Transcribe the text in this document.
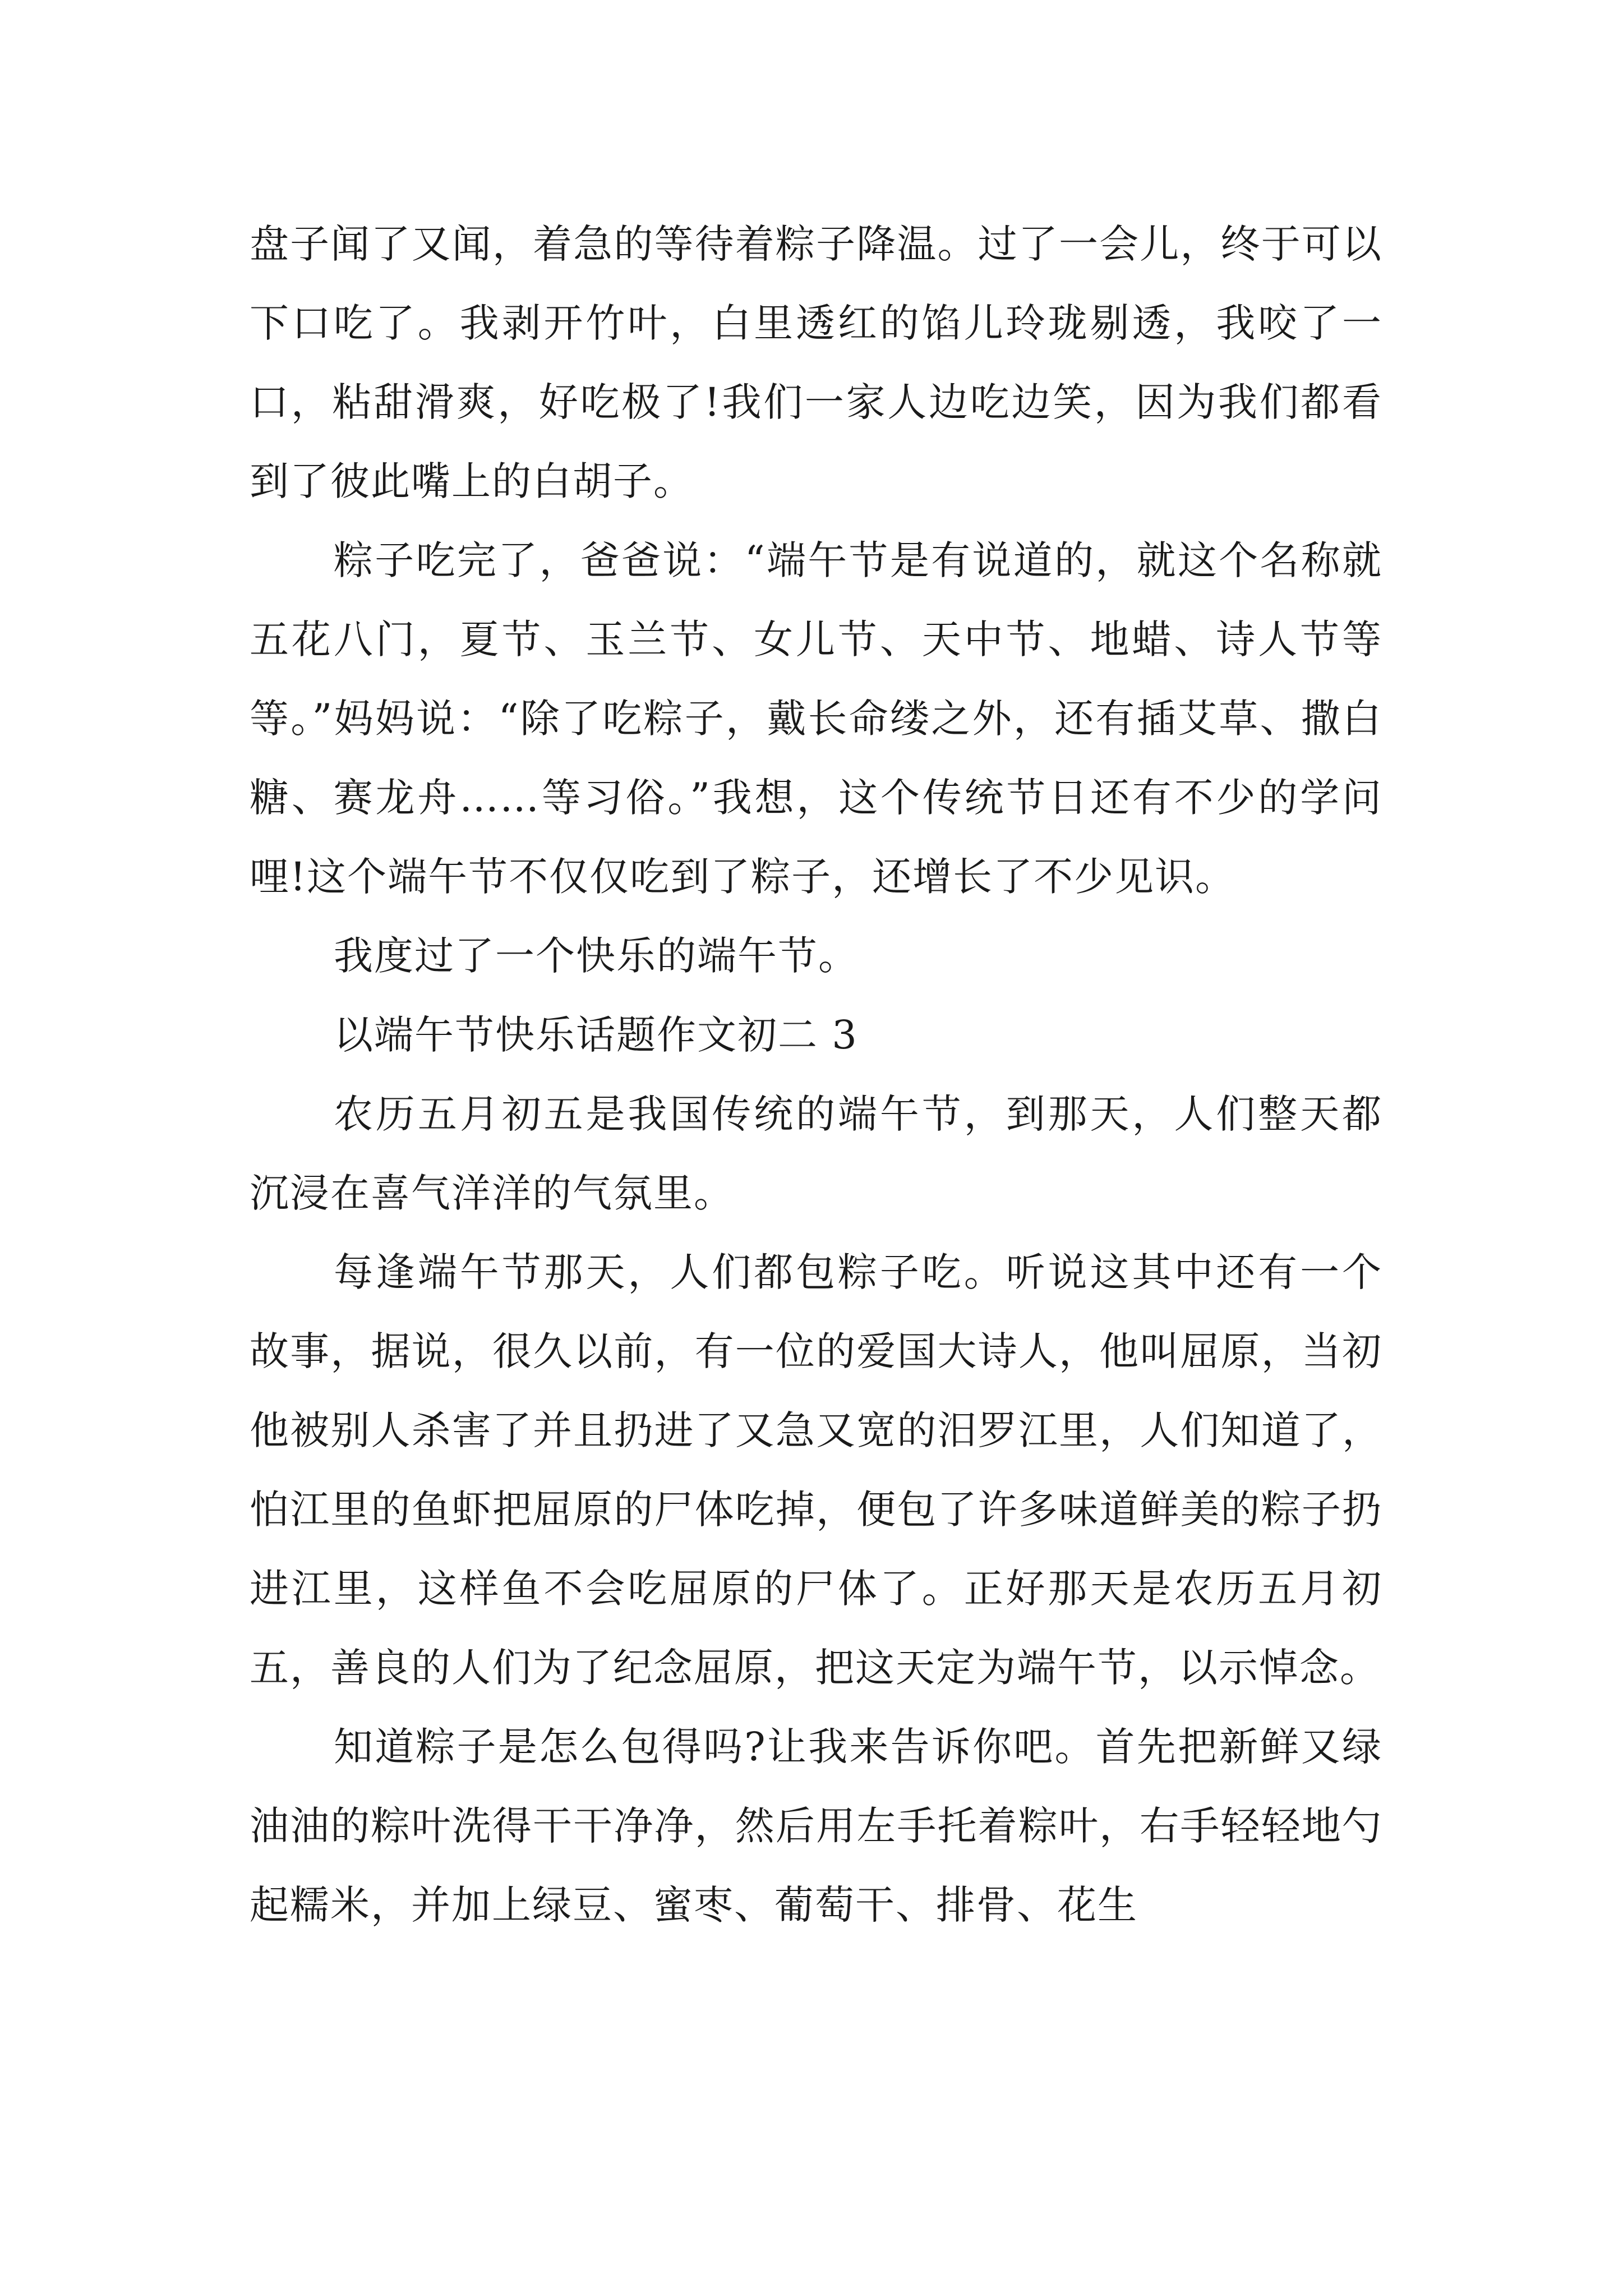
盘子闻了又闻，着急的等待着粽子降温。过了一会儿，终于可以下口吃了。我剥开竹叶，白里透红的馅儿玲珑剔透，我咬了一口，粘甜滑爽，好吃极了!我们一家人边吃边笑，因为我们都看到了彼此嘴上的白胡子。

粽子吃完了，爸爸说：“端午节是有说道的，就这个名称就五花八门，夏节、玉兰节、女儿节、天中节、地蜡、诗人节等等。”妈妈说：“除了吃粽子，戴长命缕之外，还有插艾草、撒白糖、赛龙舟……等习俗。”我想，这个传统节日还有不少的学问哩!这个端午节不仅仅吃到了粽子，还增长了不少见识。

我度过了一个快乐的端午节。

以端午节快乐话题作文初二 3

农历五月初五是我国传统的端午节，到那天，人们整天都沉浸在喜气洋洋的气氛里。

每逢端午节那天，人们都包粽子吃。听说这其中还有一个故事，据说，很久以前，有一位的爱国大诗人，他叫屈原，当初他被别人杀害了并且扔进了又急又宽的汨罗江里，人们知道了，怕江里的鱼虾把屈原的尸体吃掉，便包了许多味道鲜美的粽子扔进江里，这样鱼不会吃屈原的尸体了。正好那天是农历五月初五，善良的人们为了纪念屈原，把这天定为端午节，以示悼念。

知道粽子是怎么包得吗?让我来告诉你吧。首先把新鲜又绿油油的粽叶洗得干干净净，然后用左手托着粽叶，右手轻轻地勺起糯米，并加上绿豆、蜜枣、葡萄干、排骨、花生
